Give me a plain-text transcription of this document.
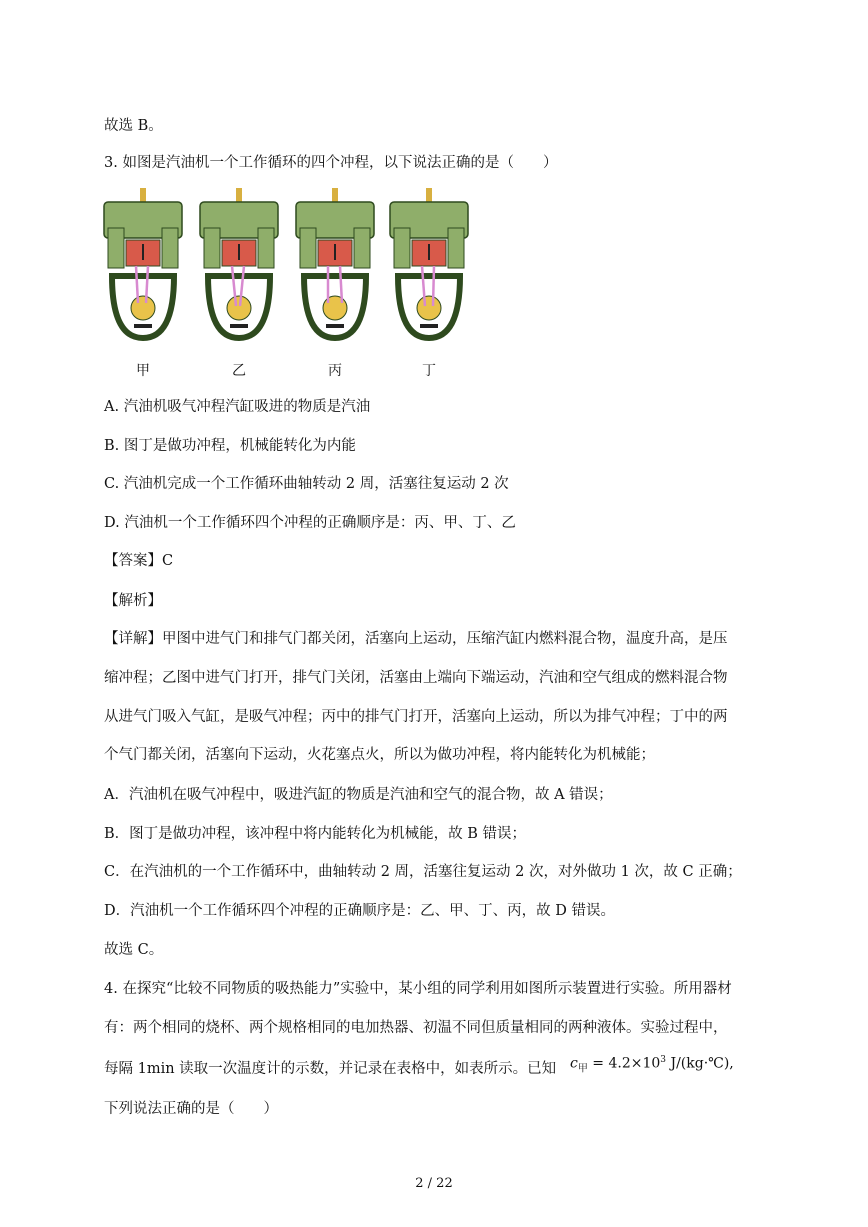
故选 B。
3. 如图是汽油机一个工作循环的四个冲程，以下说法正确的是（　　）
甲	乙	丙	丁
A. 汽油机吸气冲程汽缸吸进的物质是汽油
B. 图丁是做功冲程，机械能转化为内能
C. 汽油机完成一个工作循环曲轴转动 2 周，活塞往复运动 2 次
D. 汽油机一个工作循环四个冲程的正确顺序是：丙、甲、丁、乙
【答案】C
【解析】
【详解】甲图中进气门和排气门都关闭，活塞向上运动，压缩汽缸内燃料混合物，温度升高，是压
缩冲程；乙图中进气门打开，排气门关闭，活塞由上端向下端运动，汽油和空气组成的燃料混合物
从进气门吸入气缸，是吸气冲程；丙中的排气门打开，活塞向上运动，所以为排气冲程；丁中的两
个气门都关闭，活塞向下运动，火花塞点火，所以为做功冲程，将内能转化为机械能；
A．汽油机在吸气冲程中，吸进汽缸的物质是汽油和空气的混合物，故 A 错误；
B．图丁是做功冲程，该冲程中将内能转化为机械能，故 B 错误；
C．在汽油机的一个工作循环中，曲轴转动 2 周，活塞往复运动 2 次，对外做功 1 次，故 C 正确；
D．汽油机一个工作循环四个冲程的正确顺序是：乙、甲、丁、丙，故 D 错误。
故选 C。
4. 在探究“比较不同物质的吸热能力”实验中，某小组的同学利用如图所示装置进行实验。所用器材
有：两个相同的烧杯、两个规格相同的电加热器、初温不同但质量相同的两种液体。实验过程中，
每隔 1min 读取一次温度计的示数，并记录在表格中，如表所示。已知 $c_甲 = 4.2\times 10^3$ J/(kg·℃),
下列说法正确的是（　　）
2 / 22
